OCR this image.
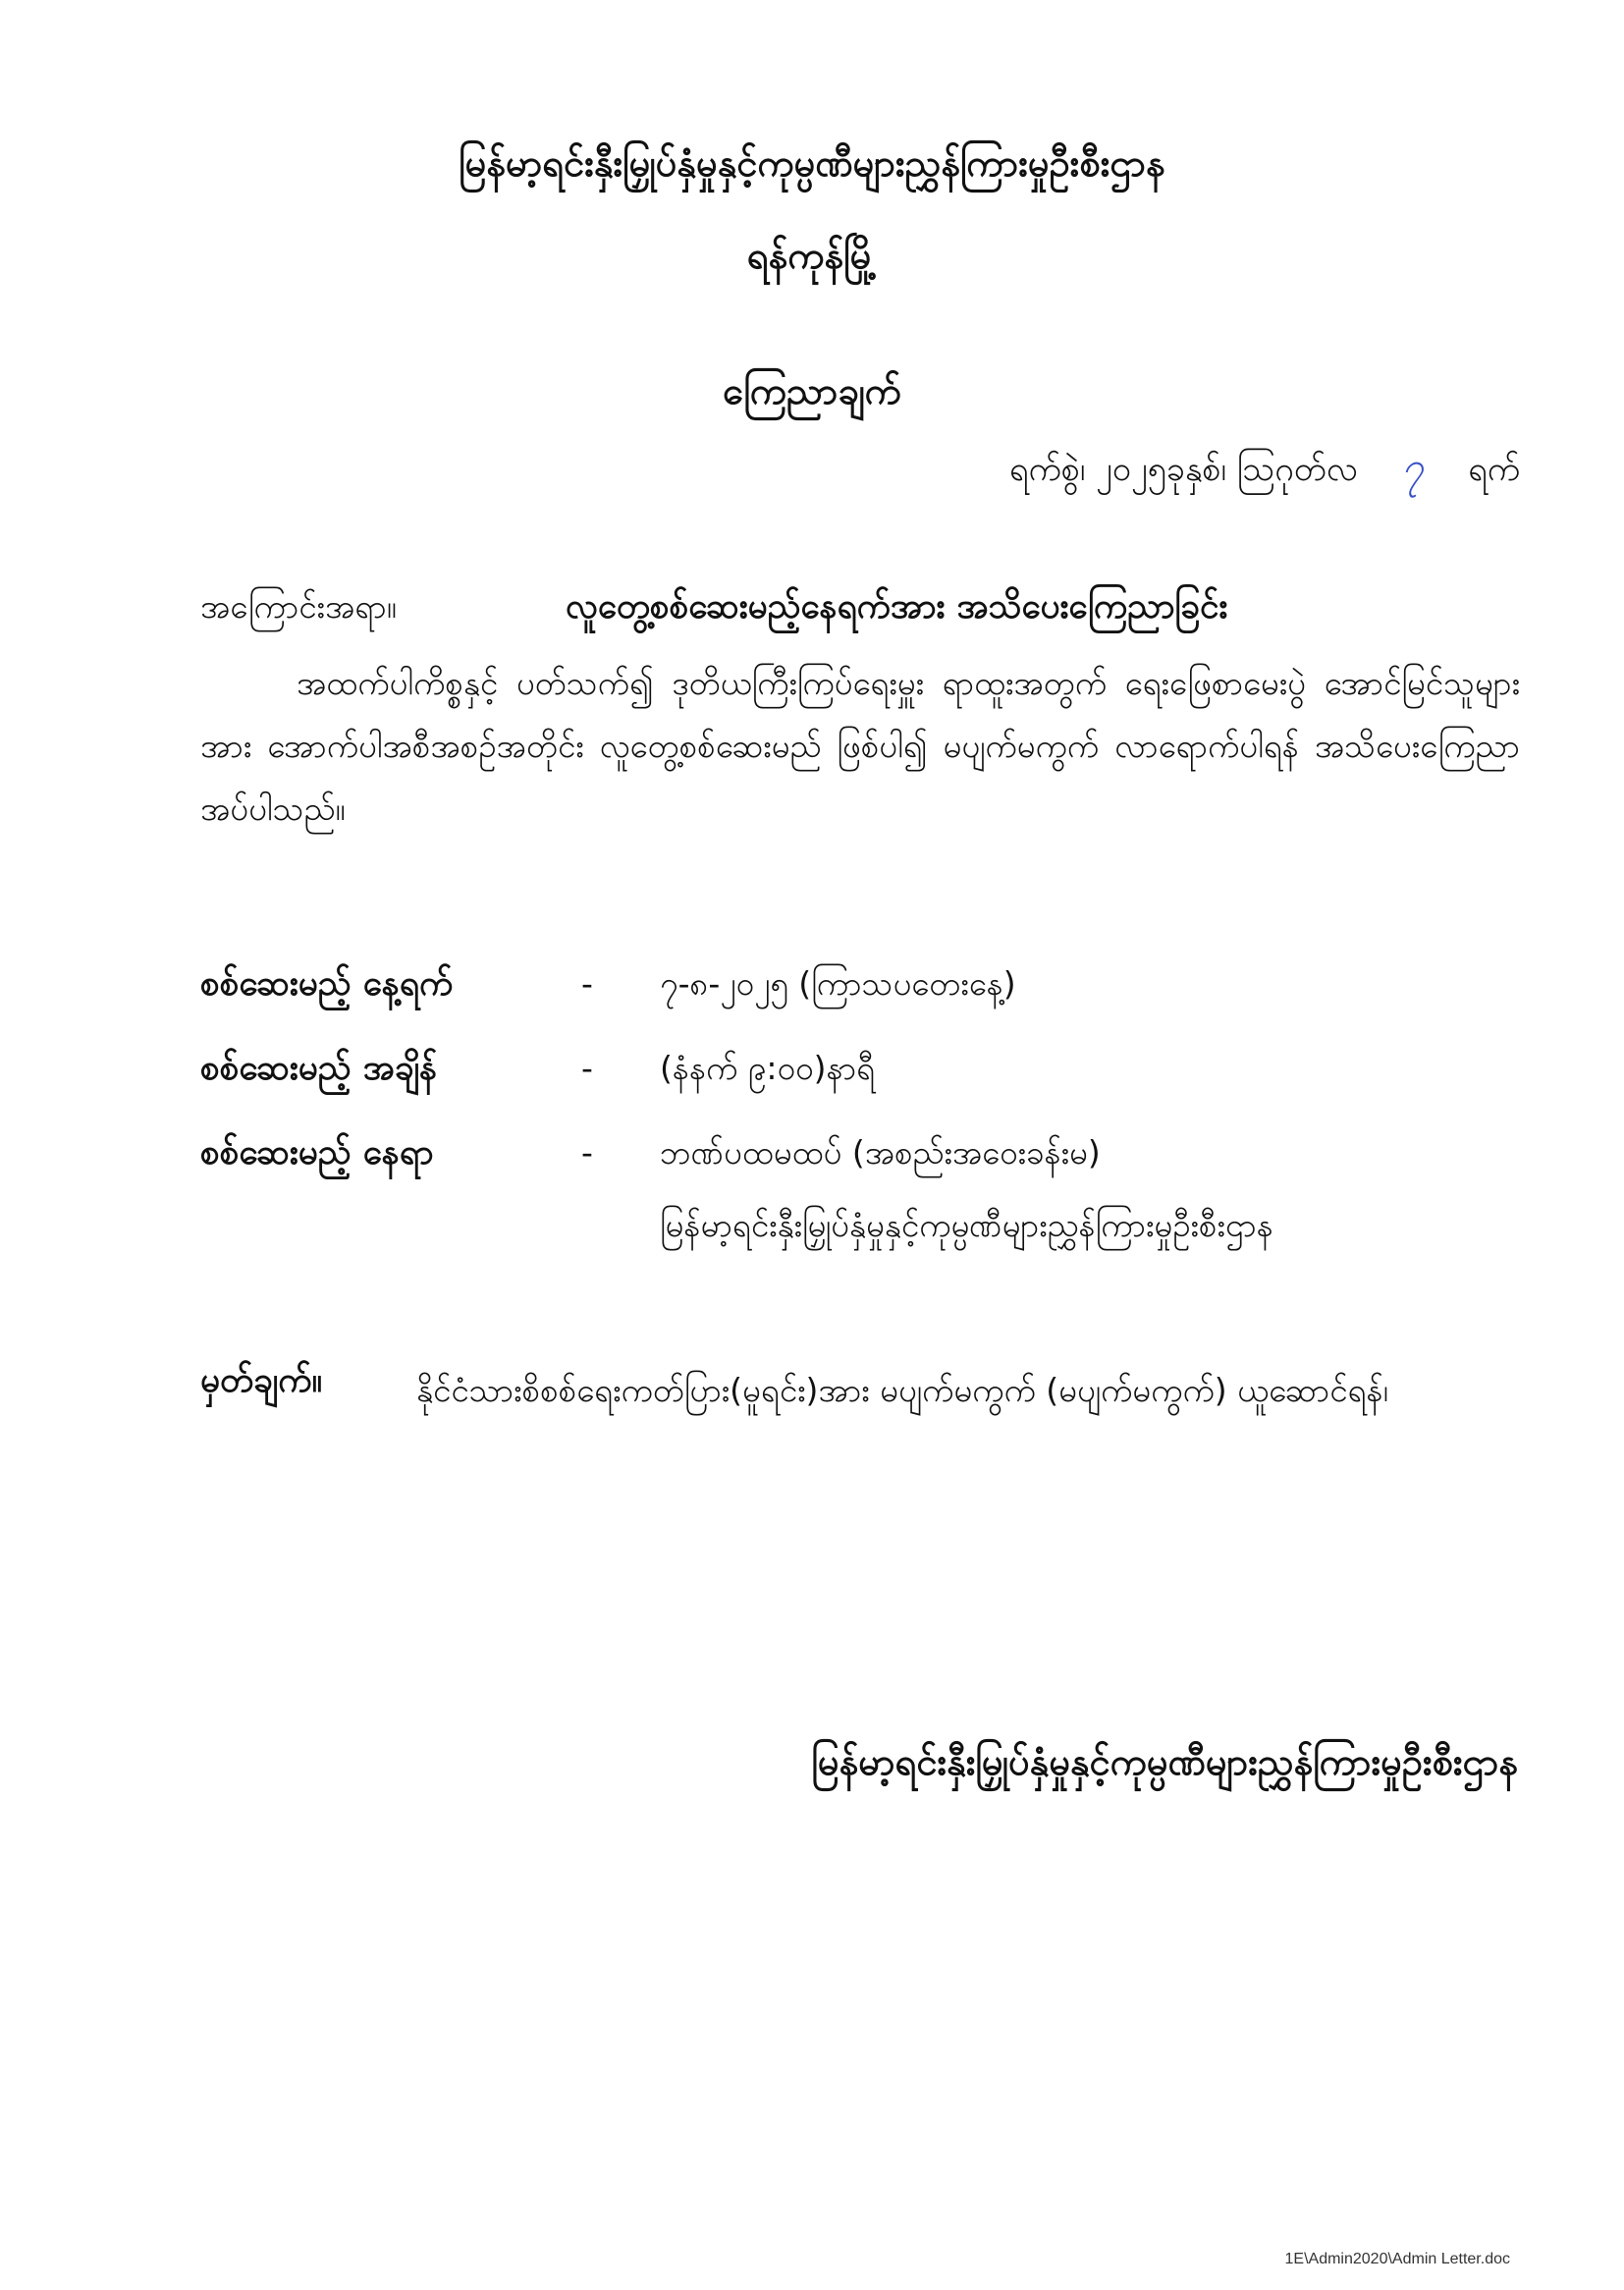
မြန်မာ့ရင်းနှီးမြှုပ်နှံမှုနှင့်ကုမ္ပဏီများညွှန်ကြားမှုဦးစီးဌာန
ရန်ကုန်မြို့
ကြေညာချက်
ရက်စွဲ၊ ၂၀၂၅ခုနှစ်၊ ဩဂုတ်လ ၇ ရက်
အကြောင်းအရာ။	လူတွေ့စစ်ဆေးမည့်နေရက်အား အသိပေးကြေညာခြင်း
အထက်ပါကိစ္စနှင့် ပတ်သက်၍ ဒုတိယကြီးကြပ်ရေးမှူး ရာထူးအတွက် ရေးဖြေစာမေးပွဲ အောင်မြင်သူများအား အောက်ပါအစီအစဉ်အတိုင်း လူတွေ့စစ်ဆေးမည် ဖြစ်ပါ၍ မပျက်မကွက် လာရောက်ပါရန် အသိပေးကြေညာအပ်ပါသည်။
စစ်ဆေးမည့် နေ့ရက်	- ၇-၈-၂၀၂၅ (ကြာသပတေးနေ့)
စစ်ဆေးမည့် အချိန်	- (နံနက် ၉:၀၀)နာရီ
စစ်ဆေးမည့် နေရာ	- ဘဏ်ပထမထပ် (အစည်းအဝေးခန်းမ)
မြန်မာ့ရင်းနှီးမြှုပ်နှံမှုနှင့်ကုမ္ပဏီများညွှန်ကြားမှုဦးစီးဌာန
မှတ်ချက်။	နိုင်ငံသားစိစစ်ရေးကတ်ပြား(မူရင်း)အား မပျက်မကွက် (မပျက်မကွက်) ယူဆောင်ရန်၊
မြန်မာ့ရင်းနှီးမြှုပ်နှံမှုနှင့်ကုမ္ပဏီများညွှန်ကြားမှုဦးစီးဌာန
1E\Admin2020\Admin Letter.doc
